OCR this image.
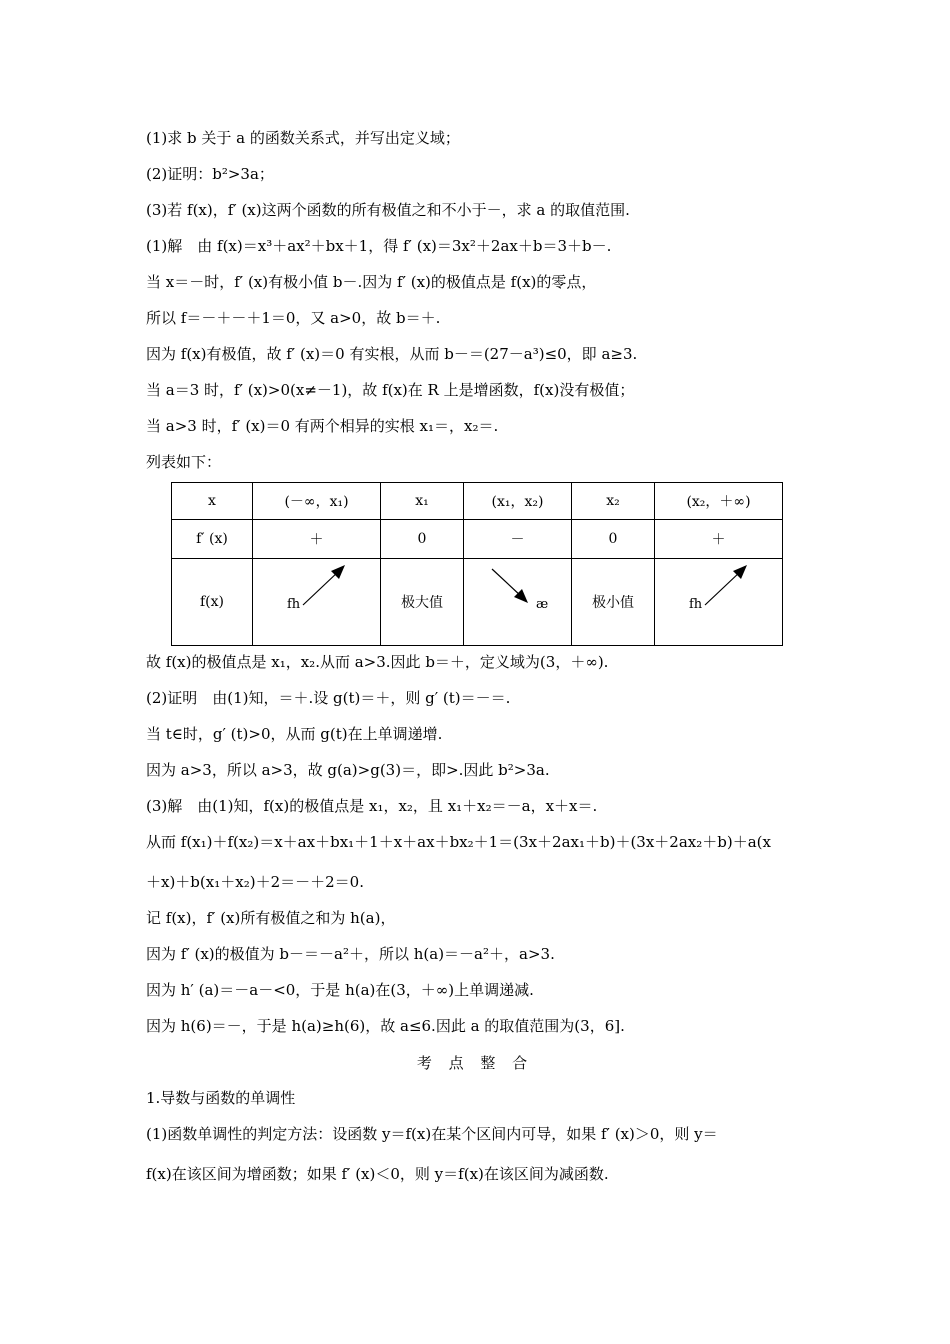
(1)求 b 关于 a 的函数关系式，并写出定义域；
(2)证明：b²>3a；
(3)若 f(x)，f′ (x)这两个函数的所有极值之和不小于－，求 a 的取值范围.
(1)解　由 f(x)＝x³＋ax²＋bx＋1，得 f′ (x)＝3x²＋2ax＋b＝3＋b－.
当 x＝－时，f′ (x)有极小值 b－.因为 f′ (x)的极值点是 f(x)的零点，
所以 f＝－＋－＋1＝0，又 a>0，故 b＝＋.
因为 f(x)有极值，故 f′ (x)＝0 有实根，从而 b－＝(27－a³)≤0，即 a≥3.
当 a＝3 时，f′ (x)>0(x≠－1)，故 f(x)在 R 上是增函数，f(x)没有极值；
当 a>3 时，f′ (x)＝0 有两个相异的实根 x₁＝，x₂＝.
列表如下：
x	(－∞，x₁)	x₁	(x₁，x₂)	x₂	(x₂，＋∞)
f′ (x)	＋	0	－	0	＋
f(x)	fh	极大值	æ	极小值	fh
故 f(x)的极值点是 x₁，x₂.从而 a>3.因此 b＝＋，定义域为(3，＋∞).
(2)证明　由(1)知，＝＋.设 g(t)＝＋，则 g′ (t)＝－＝.
当 t∈时，g′ (t)>0，从而 g(t)在上单调递增.
因为 a>3，所以 a>3，故 g(a)>g(3)＝，即>.因此 b²>3a.
(3)解　由(1)知，f(x)的极值点是 x₁，x₂，且 x₁＋x₂＝－a，x＋x＝.
从而 f(x₁)＋f(x₂)＝x＋ax＋bx₁＋1＋x＋ax＋bx₂＋1＝(3x＋2ax₁＋b)＋(3x＋2ax₂＋b)＋a(x
＋x)＋b(x₁＋x₂)＋2＝－＋2＝0.
记 f(x)，f′ (x)所有极值之和为 h(a)，
因为 f′ (x)的极值为 b－＝－a²＋，所以 h(a)＝－a²＋，a>3.
因为 h′ (a)＝－a－<0，于是 h(a)在(3，＋∞)上单调递减.
因为 h(6)＝－，于是 h(a)≥h(6)，故 a≤6.因此 a 的取值范围为(3，6].
考 点 整 合
1.导数与函数的单调性
(1)函数单调性的判定方法：设函数 y＝f(x)在某个区间内可导，如果 f′ (x)＞0，则 y＝
f(x)在该区间为增函数；如果 f′ (x)＜0，则 y＝f(x)在该区间为减函数.
